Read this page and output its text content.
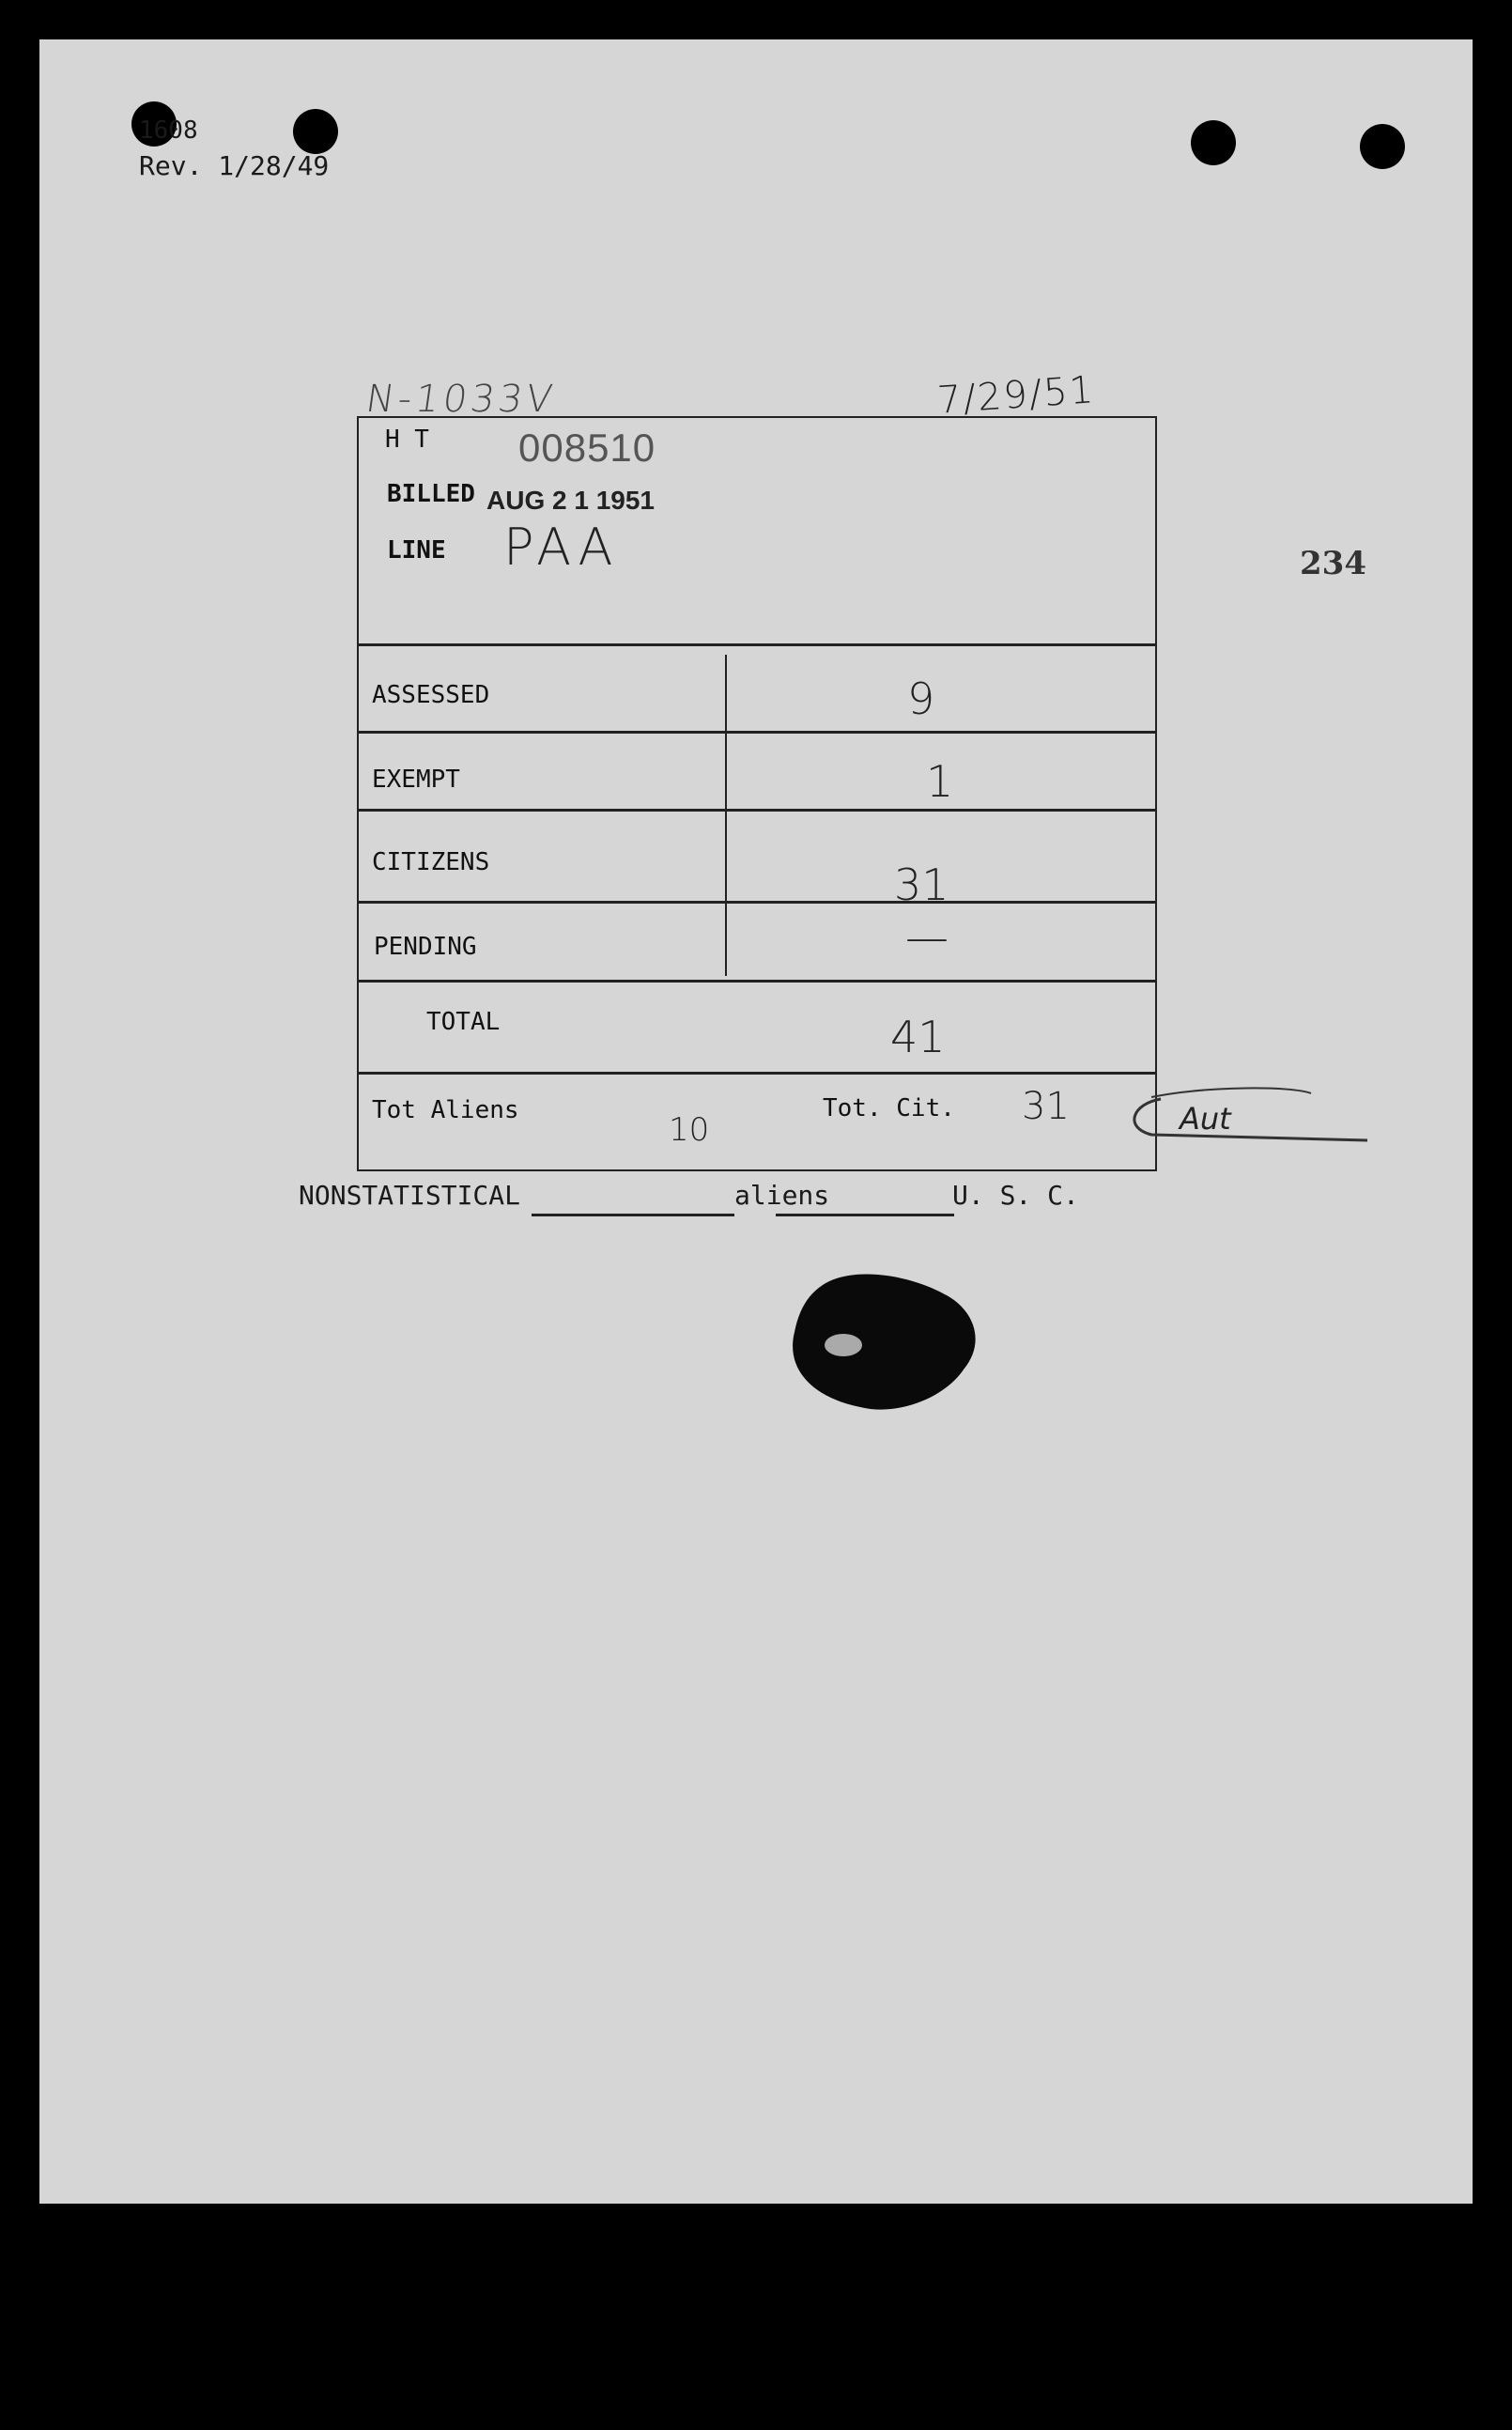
1608
Rev. 1/28/49
234
N-1033V	7/29/51
H T 008510
BILLED AUG 2 1 1951
LINE PAA
ASSESSED	9
EXEMPT	1
CITIZENS	31
PENDING	—
TOTAL	41
Tot Aliens
10
Tot. Cit. 31	Aut
NONSTATISTICAL	aliens	U. S. C.
